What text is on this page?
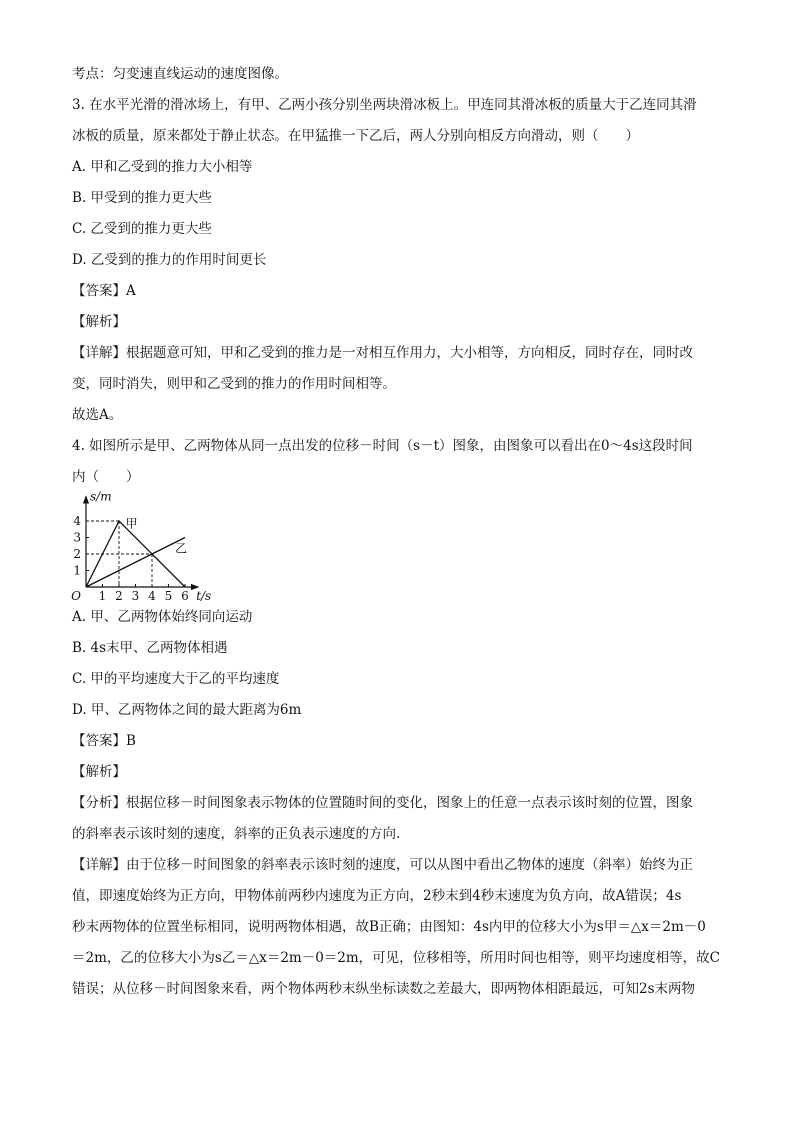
考点：匀变速直线运动的速度图像。
3. 在水平光滑的滑冰场上，有甲、乙两小孩分别坐两块滑冰板上。甲连同其滑冰板的质量大于乙连同其滑
冰板的质量，原来都处于静止状态。在甲猛推一下乙后，两人分别向相反方向滑动，则（　　）
A. 甲和乙受到的推力大小相等
B. 甲受到的推力更大些
C. 乙受到的推力更大些
D. 乙受到的推力的作用时间更长
【答案】A
【解析】
【详解】根据题意可知，甲和乙受到的推力是一对相互作用力，大小相等，方向相反，同时存在，同时改
变，同时消失，则甲和乙受到的推力的作用时间相等。
故选A。
4. 如图所示是甲、乙两物体从同一点出发的位移－时间（s－t）图象，由图象可以看出在0～4s这段时间
内（　　）
1 2 3 4 5 6
1
2
3
4
O
s/m
t/s
甲
乙
A. 甲、乙两物体始终同向运动
B. 4s末甲、乙两物体相遇
C. 甲的平均速度大于乙的平均速度
D. 甲、乙两物体之间的最大距离为6m
【答案】B
【解析】
【分析】根据位移－时间图象表示物体的位置随时间的变化，图象上的任意一点表示该时刻的位置，图象
的斜率表示该时刻的速度，斜率的正负表示速度的方向.
【详解】由于位移－时间图象的斜率表示该时刻的速度，可以从图中看出乙物体的速度（斜率）始终为正
值，即速度始终为正方向，甲物体前两秒内速度为正方向，2秒末到4秒末速度为负方向，故A错误；4s
秒末两物体的位置坐标相同，说明两物体相遇，故B正确；由图知：4s内甲的位移大小为s甲＝△x＝2m－0
＝2m，乙的位移大小为s乙＝△x＝2m－0＝2m，可见，位移相等，所用时间也相等，则平均速度相等，故C
错误；从位移－时间图象来看，两个物体两秒末纵坐标读数之差最大，即两物体相距最远，可知2s末两物
